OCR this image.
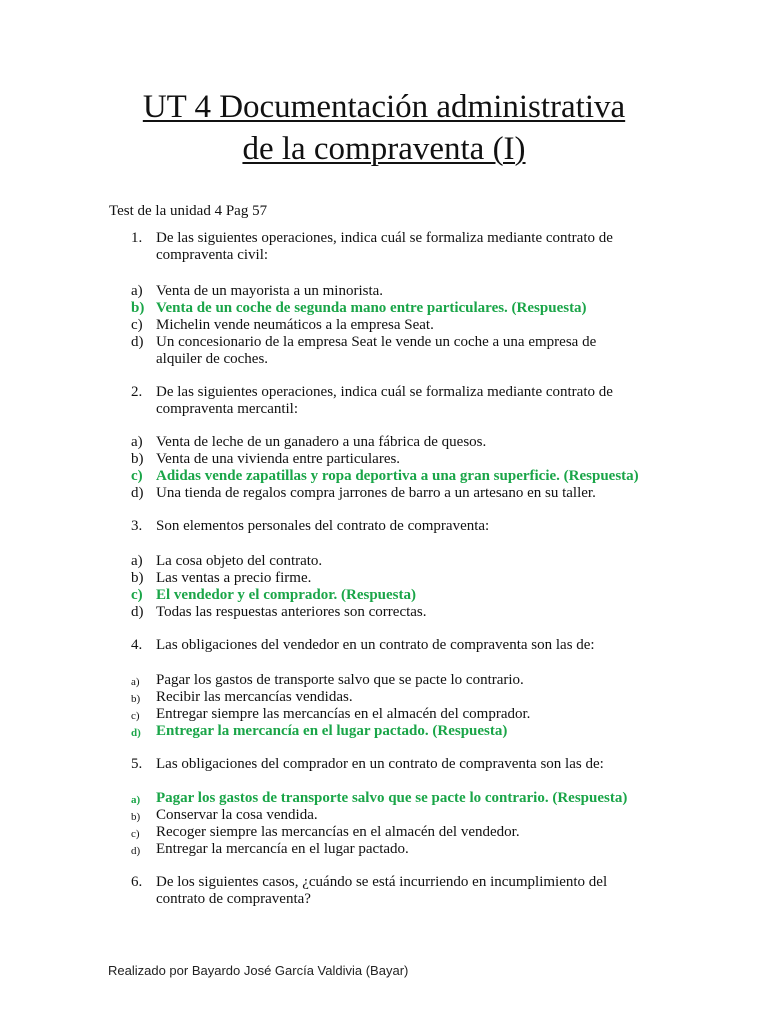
UT 4 Documentación administrativa
de la compraventa (I)
Test de la unidad 4 Pag 57
1. De las siguientes operaciones, indica cuál se formaliza mediante contrato de compraventa civil:
a) Venta de un mayorista a un minorista.
b) Venta de un coche de segunda mano entre particulares. (Respuesta)
c) Michelin vende neumáticos a la empresa Seat.
d) Un concesionario de la empresa Seat le vende un coche a una empresa de alquiler de coches.
2. De las siguientes operaciones, indica cuál se formaliza mediante contrato de compraventa mercantil:
a) Venta de leche de un ganadero a una fábrica de quesos.
b) Venta de una vivienda entre particulares.
c) Adidas vende zapatillas y ropa deportiva a una gran superficie. (Respuesta)
d) Una tienda de regalos compra jarrones de barro a un artesano en su taller.
3. Son elementos personales del contrato de compraventa:
a) La cosa objeto del contrato.
b) Las ventas a precio firme.
c) El vendedor y el comprador. (Respuesta)
d) Todas las respuestas anteriores son correctas.
4. Las obligaciones del vendedor en un contrato de compraventa son las de:
a) Pagar los gastos de transporte salvo que se pacte lo contrario.
b) Recibir las mercancías vendidas.
c) Entregar siempre las mercancías en el almacén del comprador.
d) Entregar la mercancía en el lugar pactado. (Respuesta)
5. Las obligaciones del comprador en un contrato de compraventa son las de:
a) Pagar los gastos de transporte salvo que se pacte lo contrario. (Respuesta)
b) Conservar la cosa vendida.
c) Recoger siempre las mercancías en el almacén del vendedor.
d) Entregar la mercancía en el lugar pactado.
6. De los siguientes casos, ¿cuándo se está incurriendo en incumplimiento del contrato de compraventa?
Realizado por Bayardo José García Valdivia (Bayar)
